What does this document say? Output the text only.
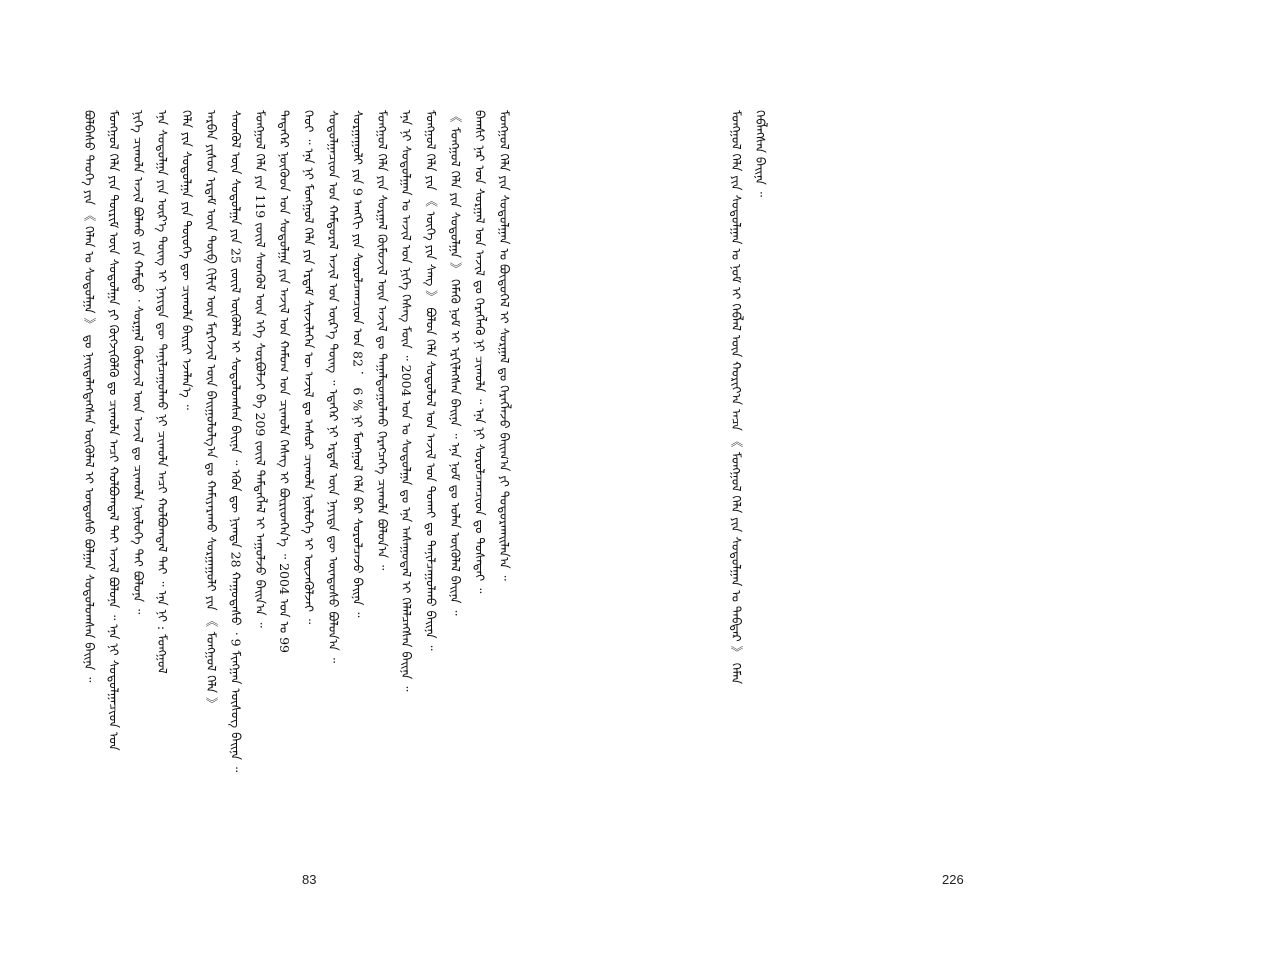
ᠪᠣᠯᠪᠠᠰᠤ ᠲᠡᠦᠬᠡ ᠶᠢᠨ 《 ᠬᠡᠯᠡᠨ ᠤ ᠰᠤᠳᠤᠯᠭᠠ 》 ᠳᠤ ᠨᠡᠢᠲᠡᠯᠡᠭᠳᠡᠭᠰᠡᠨ ᠦᠭᠦᠯᠡᠯ ᠢ ᠤᠨᠳᠤᠰᠤ ᠪᠣᠯᠭᠠᠨ ᠰᠤᠳᠤᠯᠤᠭᠰᠠᠨ ᠪᠠᠢᠨᠠ ᠃ ᠮᠣᠩᠭᠣᠯ ᠬᠡᠯᠡ ᠶᠢᠨ ᠳᠦᠷᠢᠮ ᠦᠨ ᠰᠤᠳᠤᠯᠭᠠ ᠶᠢ ᠬᠥᠭᠵᠢᠭᠦᠯᠬᠦ ᠳᠤ ᠴᠢᠬᠤᠯᠠ ᠠᠴᠢ ᠬᠣᠯᠪᠣᠭᠳᠠᠯ ᠲᠠᠢ ᠠᠵᠢᠯ ᠪᠣᠯᠤᠨᠠ ᠃ ᠡᠨᠡ ᠨᠢ ᠰᠤᠳᠤᠯᠭᠠᠴᠢᠳ ᠤᠨ ᠨᠢᠭᠡ ᠴᠢᠬᠤᠯᠠ ᠠᠵᠢᠯ ᠪᠣᠯᠬᠤ ᠶᠢᠨ ᠬᠠᠮᠲᠤ ᠂ ᠰᠤᠷᠭᠠᠯ ᠬᠦᠮᠦᠵᠢᠯ ᠦᠨ ᠠᠵᠢᠯ ᠳᠤ ᠴᠢᠬᠤᠯᠠ ᠨᠥᠯᠦᠭᠡ ᠲᠠᠢ ᠪᠣᠯᠤᠨᠠ ᠃ ᠡᠨᠡ ᠰᠤᠳᠤᠯᠭᠠ ᠶᠢᠨ ᠦᠷ᠎ᠡ ᠳᠦᠩ ᠢ ᠨᠡᠶᠢᠲᠡ ᠳᠦ ᠲᠠᠨᠢᠯᠴᠠᠭᠤᠯᠬᠤ ᠨᠢ ᠴᠢᠬᠤᠯᠠ ᠠᠴᠢ ᠬᠣᠯᠪᠣᠭᠳᠠᠯ ᠲᠠᠢ ᠃ ᠡᠨᠡ ᠨᠢ : ᠮᠣᠩᠭᠣᠯ ᠬᠡᠯᠡ ᠶᠢᠨ ᠰᠤᠳᠤᠯᠭᠠ ᠶᠢᠨ ᠲᠦᠦᠬᠡ ᠳᠦ ᠴᠢᠬᠤᠯᠠ ᠪᠠᠢᠷᠢ ᠡᠵᠡᠯᠡᠨ᠎ᠡ ᠃ ᠠᠷᠪᠠᠨ ᠶᠢᠰᠦᠨ ᠡᠷᠳᠡᠮ ᠦᠨ ᠲᠦᠪ ᠬᠢᠯᠢᠮ ᠦᠨ ᠮᠡᠷᠭᠡᠵᠢᠯ ᠦᠨ ᠪᠠᠢᠭᠤᠯᠤᠯᠭ᠎ᠠ ᠳᠤ ᠬᠠᠮᠢᠶᠠᠷᠠᠬᠤ ᠰᠤᠷᠭᠠᠭᠤᠯᠢ ᠶᠢᠨ 《 ᠮᠣᠩᠭᠣᠯ ᠬᠡᠯᠡ 》 ᠰᠡᠳᠬᠦᠯ ᠦᠨ ᠰᠤᠳᠤᠯᠭᠠ ᠶᠢᠨ 25 ᠵᠦᠢᠯ ᠦᠭᠦᠯᠡᠯ ᠢ ᠰᠤᠳᠤᠯᠤᠭᠰᠠᠨ ᠪᠠᠢᠨᠠ ᠃ ᠡᠭᠦᠨ ᠳᠦ ᠨᠢᠭᠲᠠ 28 ᠬᠠᠭᠤᠳᠠᠰᠤ ᠂ 9 ᠮᠢᠩᠭᠠᠨ ᠦᠰᠦᠭ ᠪᠠᠢᠨᠠ ᠃ ᠮᠣᠩᠭᠣᠯ ᠬᠡᠯᠡ ᠶᠢᠨ 119 ᠵᠦᠢᠯ ᠰᠡᠳᠬᠦᠯ ᠦᠨ ᠡᠬᠡ ᠰᠤᠷᠪᠤᠯᠵᠢ ᠪᠠ 209 ᠵᠦᠢᠯ ᠲᠡᠮᠳᠡᠭᠯᠡᠯ ᠢ ᠠᠭᠤᠯᠵᠤ ᠪᠠᠢᠨ᠎ᠠ ᠃ ᠲᠡᠳᠡᠭᠡᠷ ᠨᠦᠭᠦᠳ ᠤᠨ ᠰᠤᠳᠤᠯᠭᠠ ᠶᠢᠨ ᠠᠵᠢᠯ ᠤᠨ ᠬᠠᠮᠤᠭ ᠤᠨ ᠴᠢᠬᠤᠯᠠ ᠬᠡᠰᠡᠭ ᠢ ᠪᠦᠷᠢᠳᠬᠡᠨ᠎ᠡ ᠃ 2004 ᠣᠨ ᠤ 99 ᠬᠡᠦᠢ ᠃ ᠡᠨᠡ ᠨᠢ ᠮᠣᠩᠭᠣᠯ ᠬᠡᠯᠡ ᠶᠢᠨ ᠡᠷᠳᠡᠮ ᠰᠢᠨᠵᠢᠯᠡᠭᠡᠨ ᠦ ᠠᠵᠢᠯ ᠳᠤ ᠠᠰᠤᠷ ᠴᠢᠬᠤᠯᠠ ᠨᠥᠯᠦᠭᠡ ᠢ ᠦᠵᠡᠭᠦᠯᠵᠡᠢ ᠃ ᠰᠤᠳᠤᠯᠭᠠᠴᠢᠳ ᠤᠨ ᠬᠠᠮᠲᠤᠷᠠᠯ ᠠᠵᠢᠯ ᠤᠨ ᠦᠷ᠎ᠡ ᠳᠦᠩ ᠃ ᠡᠳᠡᠭᠡᠷ ᠨᠢ ᠡᠷᠳᠡᠮ ᠦᠨ ᠨᠡᠶᠢᠲᠡ ᠳᠦ ᠦᠨᠳᠦᠰᠦ ᠪᠣᠯᠤᠨ᠎ᠠ ᠃ ᠰᠤᠷᠭᠠᠭᠤᠯᠢ ᠶᠢᠨ 9 ᠠᠩᠭᠢ ᠶᠢᠨ ᠰᠤᠷᠤᠯᠴᠠᠭᠴᠢᠳ ᠤᠨ 82 ． 6 % ᠨᠢ ᠮᠣᠩᠭᠣᠯ ᠬᠡᠯᠡ ᠪᠡᠷ ᠰᠤᠷᠤᠯᠴᠠᠵᠤ ᠪᠠᠢᠨᠠ ᠃ ᠮᠣᠩᠭᠣᠯ ᠬᠡᠯᠡ ᠶᠢᠨ ᠰᠤᠷᠭᠠᠯ ᠬᠦᠮᠦᠵᠢᠯ ᠦᠨ ᠠᠵᠢᠯ ᠳᠤ ᠳᠠᠭᠠᠯᠳᠤᠭᠤᠯᠬᠤ ᠬᠡᠷᠡᠭᠴᠡᠭᠡ ᠴᠢᠬᠤᠯᠠ ᠪᠣᠯᠤᠨ᠎ᠠ ᠃ ᠡᠨᠡ ᠨᠢ ᠰᠤᠳᠤᠯᠭᠠᠨ ᠤ ᠠᠵᠢᠯ ᠤᠨ ᠨᠢᠭᠡ ᠬᠡᠰᠡᠭ ᠮᠥᠨ ᠃ 2004 ᠣᠨ ᠤ ᠰᠤᠳᠤᠯᠭᠠ ᠳᠤ ᠡᠨᠡ ᠠᠰᠠᠭᠤᠳᠠᠯ ᠢ ᠬᠡᠯᠡᠯᠴᠡᠭᠰᠡᠨ ᠪᠠᠢᠨᠠ ᠃ ᠮᠣᠩᠭᠣᠯ ᠬᠡᠯᠡ ᠶᠢᠨ 《 ᠦᠭᠡ ᠶᠢᠨ ᠰᠠᠩ 》 ᠪᠣᠯᠤᠨ ᠬᠡᠯᠡ ᠰᠤᠳᠤᠯᠤᠯ ᠤᠨ ᠠᠵᠢᠯ ᠤᠨ ᠲᠤᠬᠠᠢ ᠳᠤ ᠲᠠᠨᠢᠯᠴᠠᠭᠤᠯᠬᠤ ᠪᠠᠢᠨᠠ ᠃ 《 ᠮᠣᠩᠭᠣᠯ ᠬᠡᠯᠡ ᠶᠢᠨ ᠰᠤᠳᠤᠯᠭᠠ 》 ᠬᠡᠮᠡᠬᠦ ᠨᠣᠮ ᠢ ᠡᠷᠬᠢᠯᠡᠭᠰᠡᠨ ᠪᠠᠢᠨᠠ ᠃ ᠡᠨᠡ ᠨᠣᠮ ᠳᠤ ᠣᠯᠠᠨ ᠦᠭᠦᠯᠡᠯ ᠪᠠᠢᠨᠠ ᠃ ᠪᠠᠭᠰᠢ ᠨᠠᠷ ᠤᠨ ᠰᠤᠷᠭᠠᠯ ᠤᠨ ᠠᠵᠢᠯ ᠳᠤ ᠬᠡᠷᠡᠭᠯᠡᠬᠦ ᠨᠢ ᠴᠢᠬᠤᠯᠠ ᠃ ᠡᠨᠡ ᠨᠢ ᠰᠤᠷᠤᠯᠴᠠᠭᠴᠢᠳ ᠳᠤ ᠲᠤᠰᠠᠲᠠᠢ ᠃ ᠮᠣᠩᠭᠣᠯ ᠬᠡᠯᠡ ᠶᠢᠨ ᠰᠤᠳᠤᠯᠭᠠᠨ ᠤ ᠪᠦᠲᠦᠭᠡᠯ ᠢ ᠰᠤᠷᠭᠠᠯ ᠳᠤ ᠬᠡᠷᠡᠭᠯᠡᠵᠦ ᠪᠠᠢᠭ᠎ᠠ ᠶᠢ ᠲᠣᠳᠣᠷᠬᠠᠢᠯᠠᠨ᠎ᠠ ᠃
83
ᠮᠣᠩᠭᠣᠯ ᠬᠡᠯᠡ ᠶᠢᠨ ᠰᠤᠳᠤᠯᠭᠠᠨ ᠤ ᠨᠣᠮ ᠢ ᠬᠡᠪᠯᠡᠯ ᠦᠨ ᠬᠣᠷᠢᠶ᠎ᠠ ᠠᠴᠠ 《 ᠮᠣᠩᠭᠣᠯ ᠬᠡᠯᠡ ᠶᠢᠨ ᠰᠤᠳᠤᠯᠭᠠᠨ ᠤ ᠳᠡᠪᠲᠡᠷ 》 ᠬᠡᠮᠡᠨ ᠬᠡᠪᠯᠡᠭᠰᠡᠨ ᠪᠠᠢᠨᠠ ᠃
226
